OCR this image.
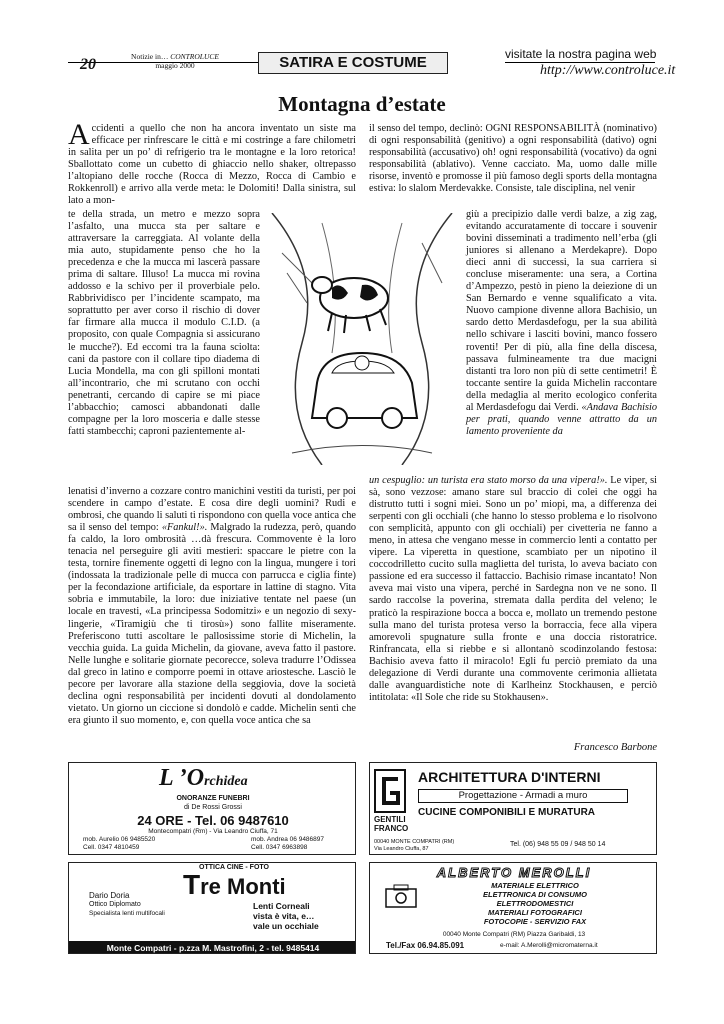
20	Notizie in… CONTROLUCE
maggio 2000	SATIRA E COSTUME	visitate la nostra pagina web
http://www.controluce.it
Montagna d’estate
Accidenti a quello che non ha ancora inventato un siste ma efficace per rinfrescare le città e mi costringe a fare chilometri in salita per un po’ di refrigerio tra le montagne e la loro retorica! Sballottato come un cubetto di ghiaccio nello shaker, oltrepasso l’altopiano delle rocche (Rocca di Mezzo, Rocca di Cambio e Rokkenroll) e arrivo alla verde meta: le Dolomiti! Dalla sinistra, sul lato a mon-
te della strada, un metro e mezzo sopra l’asfalto, una mucca sta per saltare e attraversare la carreggiata. Al volante della mia auto, stupidamente penso che ho la precedenza e che la mucca mi lascerà passare prima di saltare. Illuso! La mucca mi rovina addosso e la schivo per il proverbiale pelo. Rabbrividisco per l’incidente scampato, ma soprattutto per aver corso il rischio di dover far firmare alla mucca il modulo C.I.D. (a proposito, con quale Compagnia si assicurano le mucche?). Ed eccomi tra la fauna sciolta: cani da pastore con il collare tipo diadema di Lucia Mondella, ma con gli spilloni montati all’incontrario, che mi scrutano con occhi penetranti, cercando di capire se mi piace l’abbacchio; camosci abbandonati dalle compagne per la loro mosceria e dalle stesse fatti stambecchi; caproni pazientemente al-
lenatisi d’inverno a cozzare contro manichini vestiti da turisti, per poi scendere in campo d’estate. E cosa dire degli uomini? Rudi e ombrosi, che quando li saluti ti rispondono con quella voce antica che sa il senso del tempo: «Fankul!». Malgrado la rudezza, però, quando fa caldo, la loro ombrosità …dà frescura. Commovente è la loro tenacia nel perseguire gli aviti mestieri: spaccare le pietre con la testa, tornire finemente oggetti di legno con la lingua, mungere i tori (indossata la tradizionale pelle di mucca con parrucca e ciglia finte) per la fecondazione artificiale, da esportare in lattine di stagno. Vita sobria e immutabile, la loro: due iniziative tentate nel paese (un locale en travesti, «La principessa Sodomitzi» e un negozio di sexy-lingerie, «Tiramigiù che ti tirosù») sono fallite miseramente. Preferiscono tutti ascoltare le pallosissime storie di Michelin, la vecchia guida. La guida Michelin, da giovane, aveva fatto il pastore. Nelle lunghe e solitarie giornate pecorecce, soleva tradurre l’Odissea dal greco in latino e comporre poemi in ottave ariostesche. Lasciò le pecore per lavorare alla stazione della seggiovia, dove la società declina ogni responsabilità per incidenti dovuti al dondolamento vietato. Un giorno un ciccione si dondolò e cadde. Michelin sentì che era giunto il suo momento, e, con quella voce antica che sa
il senso del tempo, declinò: OGNI RESPONSABILITÀ (nominativo) di ogni responsabilità (genitivo) a ogni responsabilità (dativo) ogni responsabilità (accusativo) oh! ogni responsabilità (vocativo) da ogni responsabilità (ablativo). Venne cacciato. Ma, uomo dalle mille risorse, inventò e promosse il più famoso degli sports della montagna estiva: lo slalom Merdevakke. Consiste, tale disciplina, nel venir
giù a precipizio dalle verdi balze, a zig zag, evitando accuratamente di toccare i souvenir bovini disseminati a tradimento nell’erba (gli juniores si allenano a Merdekapre). Dopo dieci anni di successi, la sua carriera si concluse miseramente: una sera, a Cortina d’Ampezzo, pestò in pieno la deiezione di un San Bernardo e venne squalificato a vita. Nuovo campione divenne allora Bachisio, un sardo detto Merdasdefogu, per la sua abilità nello schivare i lasciti bovini, manco fossero roventi! Per di più, alla fine della discesa, passava fulmineamente tra due macigni distanti tra loro non più di sette centimetri! È toccante sentire la guida Michelin raccontare della medaglia al merito ecologico conferita al Merdasdefogu dai Verdi. «Andava Bachisio per prati, quando venne attratto da un lamento proveniente da
un cespuglio: un turista era stato morso da una vipera!». Le viper, si sà, sono vezzose: amano stare sul braccio di colei che oggi ha distrutto tutti i sogni miei. Sono un po’ miopi, ma, a differenza dei serpenti con gli occhiali (che hanno lo stesso problema e lo risolvono con semplicità, appunto con gli occhiali) per civetteria ne fanno a meno, in attesa che vengano messe in commercio lenti a contatto per vipere. La viperetta in questione, scambiato per un nipotino il coccodrilletto cucito sulla maglietta del turista, lo aveva baciato con passione ed era successo il fattaccio. Bachisio rimase incantato! Non aveva mai visto una vipera, perché in Sardegna non ve ne sono. Il sardo raccolse la poverina, stremata dalla perdita del veleno; le praticò la respirazione bocca a bocca e, mollato un tremendo pestone sulla mano del turista protesa verso la borraccia, fece alla vipera amorevoli spugnature sulla fronte e una doccia ristoratrice. Rinfrancata, ella si riebbe e si allontanò scodinzolando festosa: Bachisio aveva fatto il miracolo! Egli fu perciò premiato da una delegazione di Verdi durante una commovente cerimonia allietata dalle avanguardistiche note di Karlheinz Stockhausen, e perciò intitolata: «Il Sole che ride su Stokhausen».
Francesco Barbone
L ’Orchidea
ONORANZE FUNEBRI
di De Rossi Grossi
24 ORE - Tel. 06 9487610
Montecompatri (Rm) - Via Leandro Ciuffa, 71
mob. Aurelio 06 9485520
Cell. 0347 4810459
mob. Andrea 06 9486897
Cell. 0347 6963898
ARCHITETTURA D'INTERNI
Progettazione - Armadi a muro
CUCINE COMPONIBILI E MURATURA
GENTILI
FRANCO
00040 MONTE COMPATRI (RM)
Via Leandro Ciuffa, 87
Tel. (06) 948 55 09 / 948 50 14
OTTICA CINE - FOTO
Tre Monti
Dario Doria
Ottico Diplomato
Specialista lenti multifocali
Lenti Corneali
vista è vita, e…
vale un occhiale
Monte Compatri - p.zza M. Mastrofini, 2 - tel. 9485414
ALBERTO MEROLLI
MATERIALE ELETTRICO
ELETTRONICA DI CONSUMO
ELETTRODOMESTICI
MATERIALI FOTOGRAFICI
FOTOCOPIE - SERVIZIO FAX
00040 Monte Compatri (RM) Piazza Garibaldi, 13
Tel./Fax 06.94.85.091	e-mail: A.Merolli@micromaterna.it
